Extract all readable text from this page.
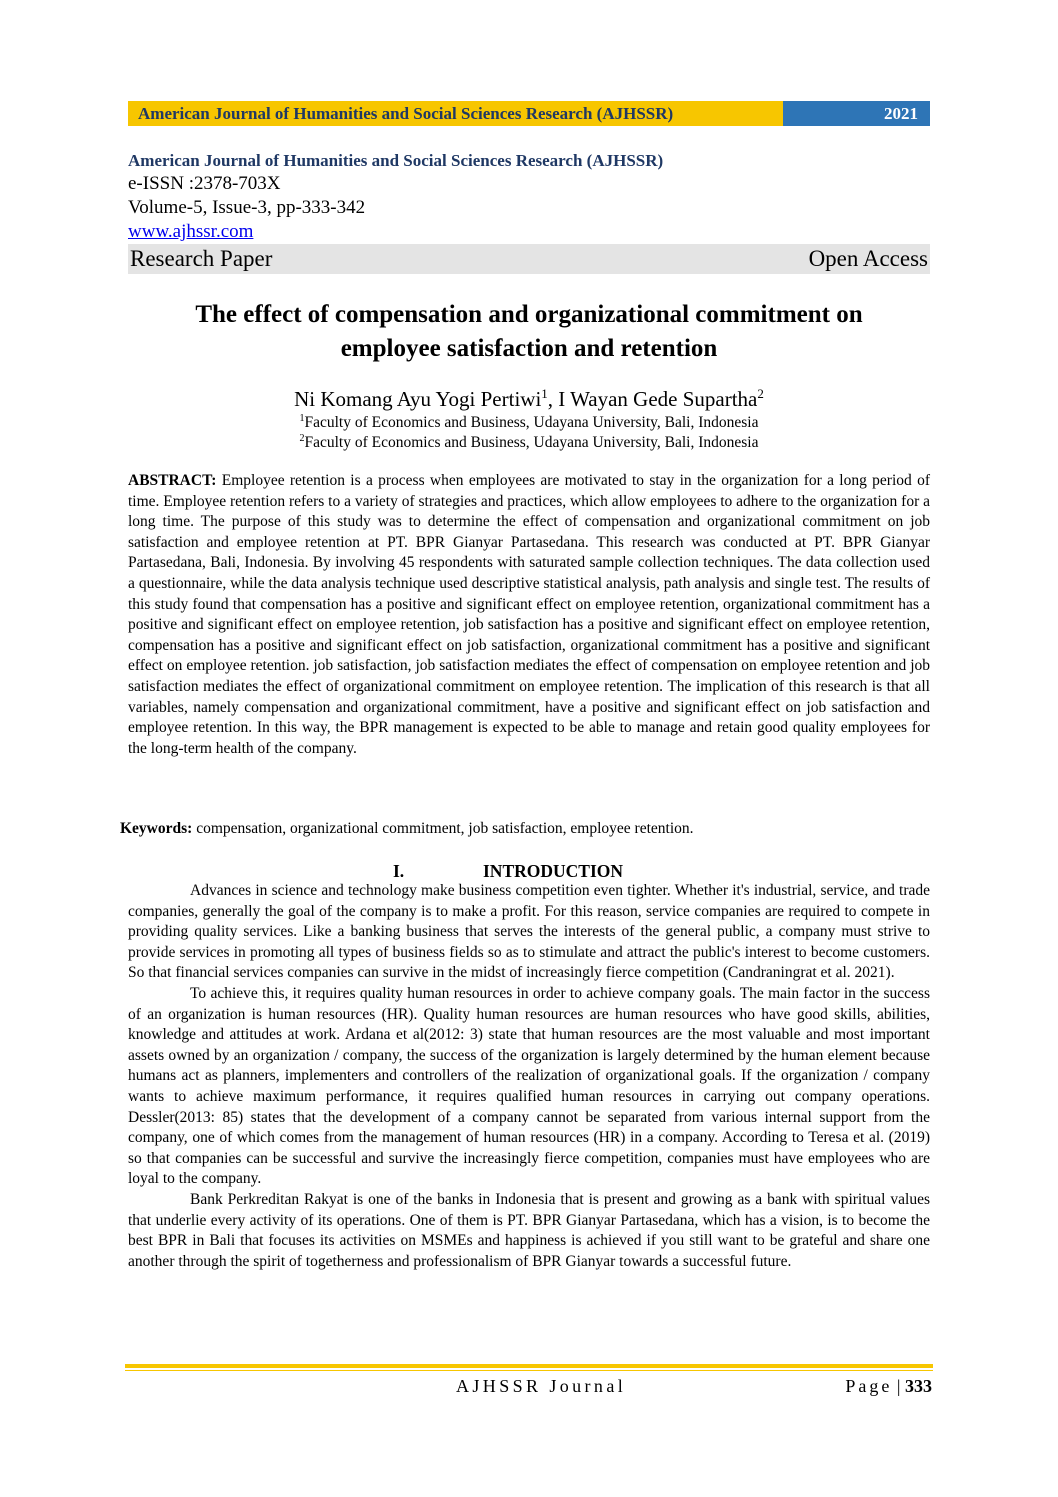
American Journal of Humanities and Social Sciences Research (AJHSSR)	2021
American Journal of Humanities and Social Sciences Research (AJHSSR)
e-ISSN :2378-703X
Volume-5, Issue-3, pp-333-342
www.ajhssr.com
Research Paper	Open Access
The effect of compensation and organizational commitment on
employee satisfaction and retention
Ni Komang Ayu Yogi Pertiwi$^1$, I Wayan Gede Supartha$^2$
$^1$Faculty of Economics and Business, Udayana University, Bali, Indonesia
$^2$Faculty of Economics and Business, Udayana University, Bali, Indonesia

ABSTRACT: Employee retention is a process when employees are motivated to stay in the organization for a long period of time. Employee retention refers to a variety of strategies and practices, which allow employees to adhere to the organization for a long time. The purpose of this study was to determine the effect of compensation and organizational commitment on job satisfaction and employee retention at PT. BPR Gianyar Partasedana. This research was conducted at PT. BPR Gianyar Partasedana, Bali, Indonesia. By involving 45 respondents with saturated sample collection techniques. The data collection used a questionnaire, while the data analysis technique used descriptive statistical analysis, path analysis and single test. The results of this study found that compensation has a positive and significant effect on employee retention, organizational commitment has a positive and significant effect on employee retention, job satisfaction has a positive and significant effect on employee retention, compensation has a positive and significant effect on job satisfaction, organizational commitment has a positive and significant effect on employee retention. job satisfaction, job satisfaction mediates the effect of compensation on employee retention and job satisfaction mediates the effect of organizational commitment on employee retention. The implication of this research is that all variables, namely compensation and organizational commitment, have a positive and significant effect on job satisfaction and employee retention. In this way, the BPR management is expected to be able to manage and retain good quality employees for the long-term health of the company.

Keywords: compensation, organizational commitment, job satisfaction, employee retention.

I.	INTRODUCTION

Advances in science and technology make business competition even tighter. Whether it's industrial, service, and trade companies, generally the goal of the company is to make a profit. For this reason, service companies are required to compete in providing quality services. Like a banking business that serves the interests of the general public, a company must strive to provide services in promoting all types of business fields so as to stimulate and attract the public's interest to become customers. So that financial services companies can survive in the midst of increasingly fierce competition (Candraningrat et al. 2021).

To achieve this, it requires quality human resources in order to achieve company goals. The main factor in the success of an organization is human resources (HR). Quality human resources are human resources who have good skills, abilities, knowledge and attitudes at work. Ardana et al(2012: 3) state that human resources are the most valuable and most important assets owned by an organization / company, the success of the organization is largely determined by the human element because humans act as planners, implementers and controllers of the realization of organizational goals. If the organization / company wants to achieve maximum performance, it requires qualified human resources in carrying out company operations. Dessler(2013: 85) states that the development of a company cannot be separated from various internal support from the company, one of which comes from the management of human resources (HR) in a company. According to Teresa et al. (2019) so that companies can be successful and survive the increasingly fierce competition, companies must have employees who are loyal to the company.

Bank Perkreditan Rakyat is one of the banks in Indonesia that is present and growing as a bank with spiritual values that underlie every activity of its operations. One of them is PT. BPR Gianyar Partasedana, which has a vision, is to become the best BPR in Bali that focuses its activities on MSMEs and happiness is achieved if you still want to be grateful and share one another through the spirit of togetherness and professionalism of BPR Gianyar towards a successful future.

AJHSSR Journal	Page | 333
